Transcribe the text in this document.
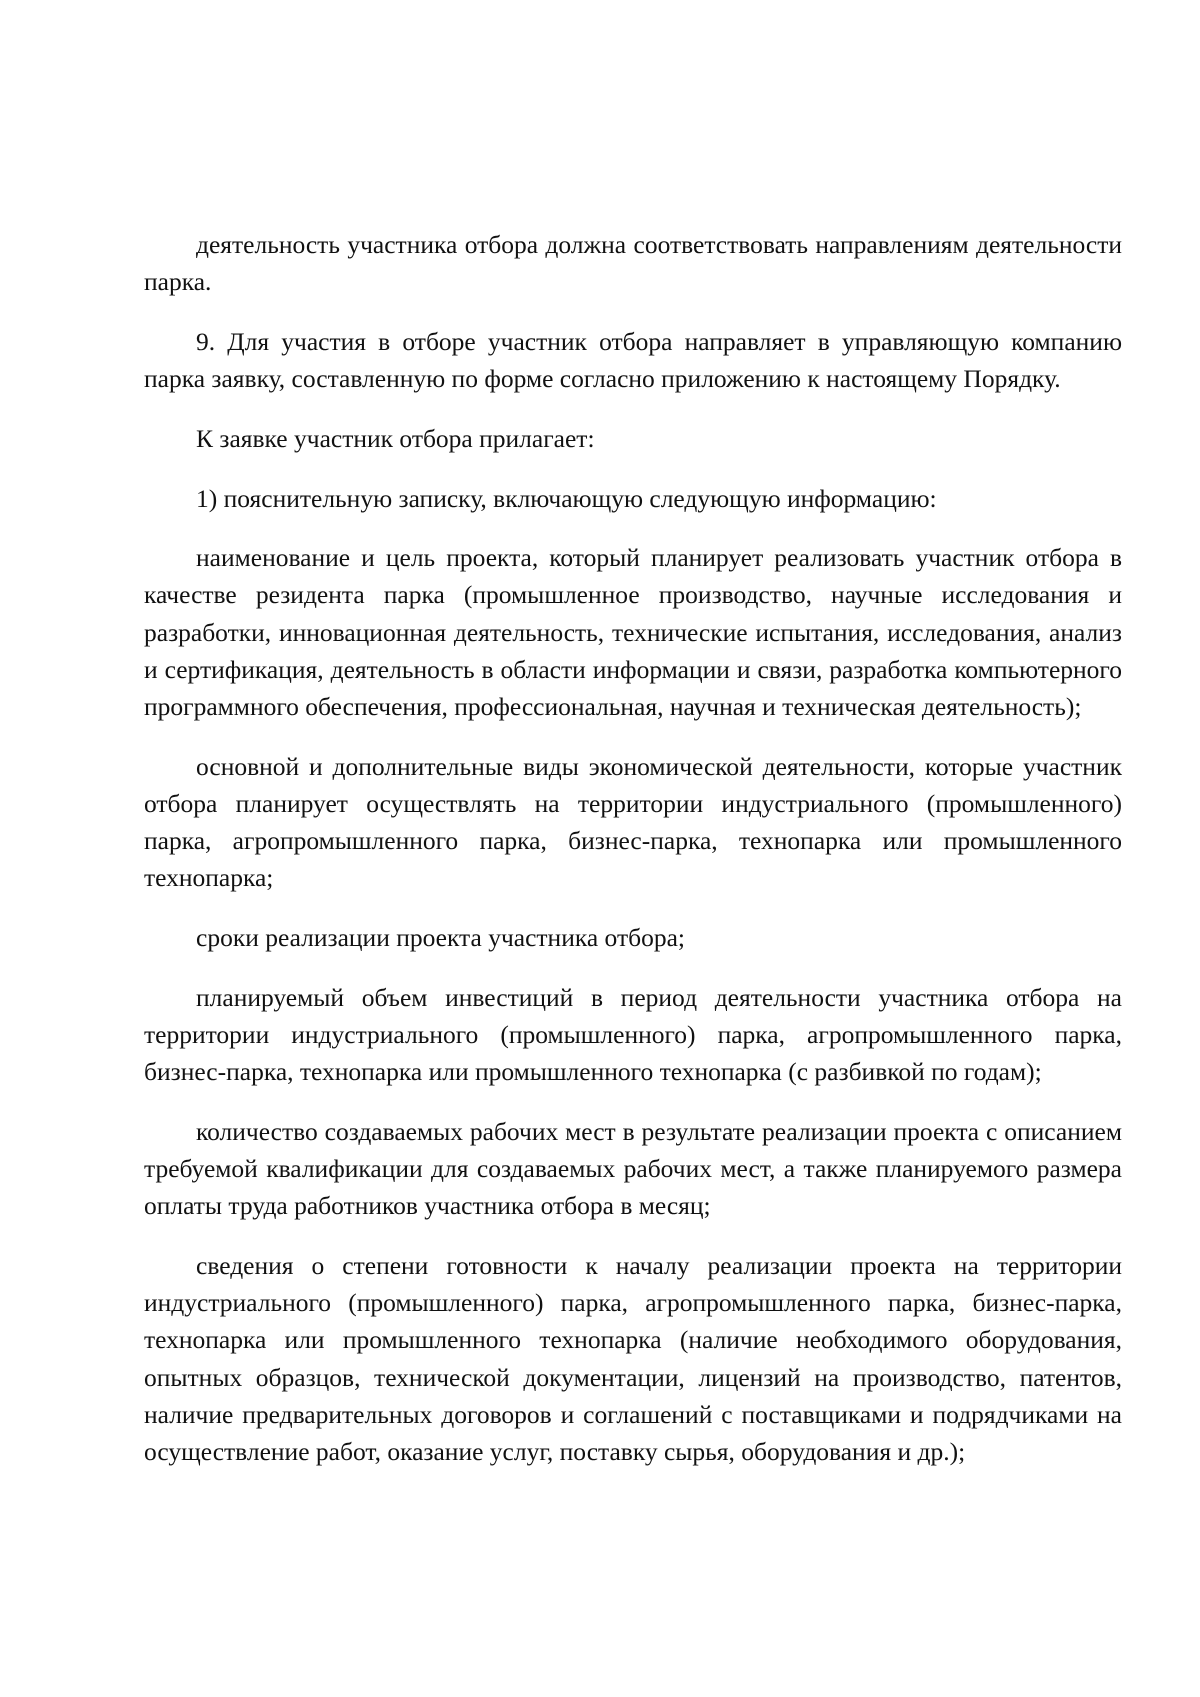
деятельность участника отбора должна соответствовать направлениям деятельности парка.

9. Для участия в отборе участник отбора направляет в управляющую компанию парка заявку, составленную по форме согласно приложению к настоящему Порядку.

К заявке участник отбора прилагает:

1) пояснительную записку, включающую следующую информацию:

наименование и цель проекта, который планирует реализовать участник отбора в качестве резидента парка (промышленное производство, научные исследования и разработки, инновационная деятельность, технические испытания, исследования, анализ и сертификация, деятельность в области информации и связи, разработка компьютерного программного обеспечения, профессиональная, научная и техническая деятельность);

основной и дополнительные виды экономической деятельности, которые участник отбора планирует осуществлять на территории индустриального (промышленного) парка, агропромышленного парка, бизнес-парка, технопарка или промышленного технопарка;

сроки реализации проекта участника отбора;

планируемый объем инвестиций в период деятельности участника отбора на территории индустриального (промышленного) парка, агропромышленного парка, бизнес-парка, технопарка или промышленного технопарка (с разбивкой по годам);

количество создаваемых рабочих мест в результате реализации проекта с описанием требуемой квалификации для создаваемых рабочих мест, а также планируемого размера оплаты труда работников участника отбора в месяц;

сведения о степени готовности к началу реализации проекта на территории индустриального (промышленного) парка, агропромышленного парка, бизнес-парка, технопарка или промышленного технопарка (наличие необходимого оборудования, опытных образцов, технической документации, лицензий на производство, патентов, наличие предварительных договоров и соглашений с поставщиками и подрядчиками на осуществление работ, оказание услуг, поставку сырья, оборудования и др.);
